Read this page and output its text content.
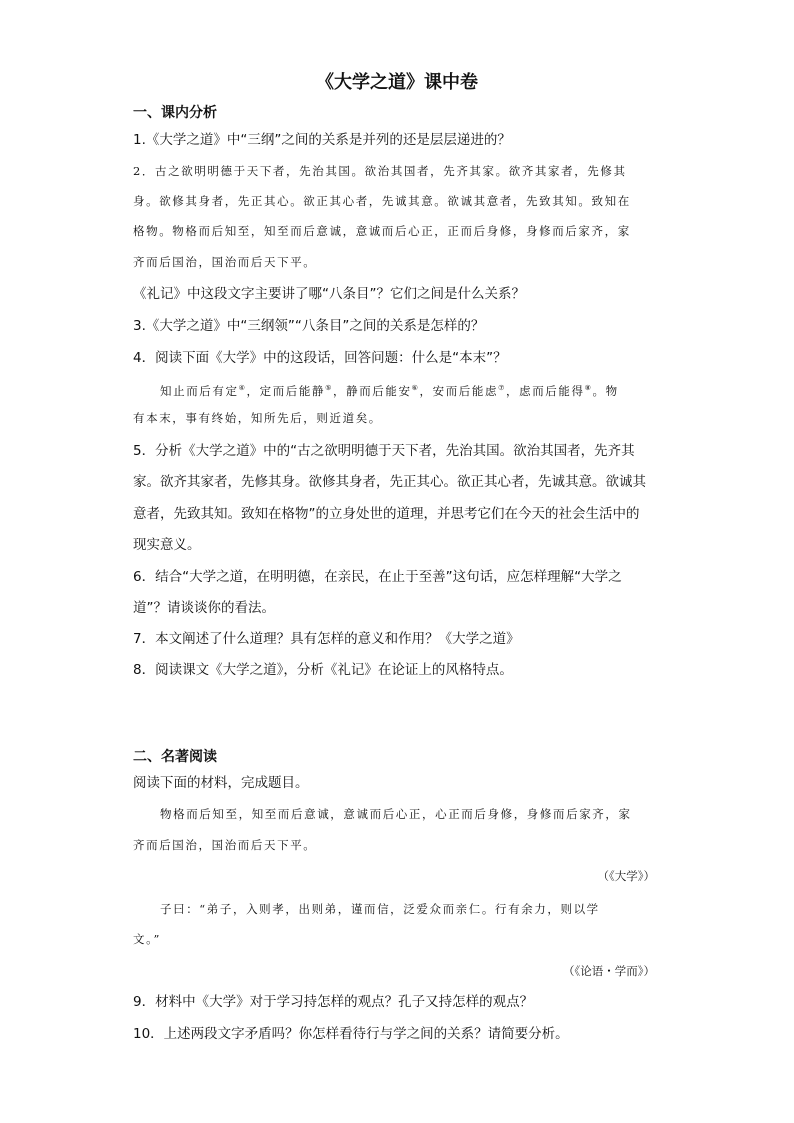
《大学之道》课中卷
一、课内分析
1.《大学之道》中“三纲”之间的关系是并列的还是层层递进的？
2．古之欲明明德于天下者，先治其国。欲治其国者，先齐其家。欲齐其家者，先修其
身。欲修其身者，先正其心。欲正其心者，先诚其意。欲诚其意者，先致其知。致知在
格物。物格而后知至，知至而后意诚，意诚而后心正，正而后身修，身修而后家齐，家
齐而后国治，国治而后天下平。
《礼记》中这段文字主要讲了哪“八条目”？它们之间是什么关系？
3.《大学之道》中“三纲领”“八条目”之间的关系是怎样的？
4．阅读下面《大学》中的这段话，回答问题：什么是“本末”？
知止而后有定④，定而后能静⑤，静而后能安⑥，安而后能虑⑦，虑而后能得⑧。物
有本末，事有终始，知所先后，则近道矣。
5．分析《大学之道》中的“古之欲明明德于天下者，先治其国。欲治其国者，先齐其
家。欲齐其家者，先修其身。欲修其身者，先正其心。欲正其心者，先诚其意。欲诚其
意者，先致其知。致知在格物”的立身处世的道理，并思考它们在今天的社会生活中的
现实意义。
6．结合“大学之道，在明明德，在亲民，在止于至善”这句话，应怎样理解“大学之
道”？请谈谈你的看法。
7．本文阐述了什么道理？具有怎样的意义和作用？《大学之道》
8．阅读课文《大学之道》，分析《礼记》在论证上的风格特点。
二、名著阅读
阅读下面的材料，完成题目。
物格而后知至，知至而后意诚，意诚而后心正，心正而后身修，身修而后家齐，家
齐而后国治，国治而后天下平。
（《大学》）
子曰：“弟子，入则孝，出则弟，谨而信，泛爱众而亲仁。行有余力，则以学
文。”
（《论语・学而》）
9．材料中《大学》对于学习持怎样的观点？孔子又持怎样的观点？
10．上述两段文字矛盾吗？你怎样看待行与学之间的关系？请简要分析。
